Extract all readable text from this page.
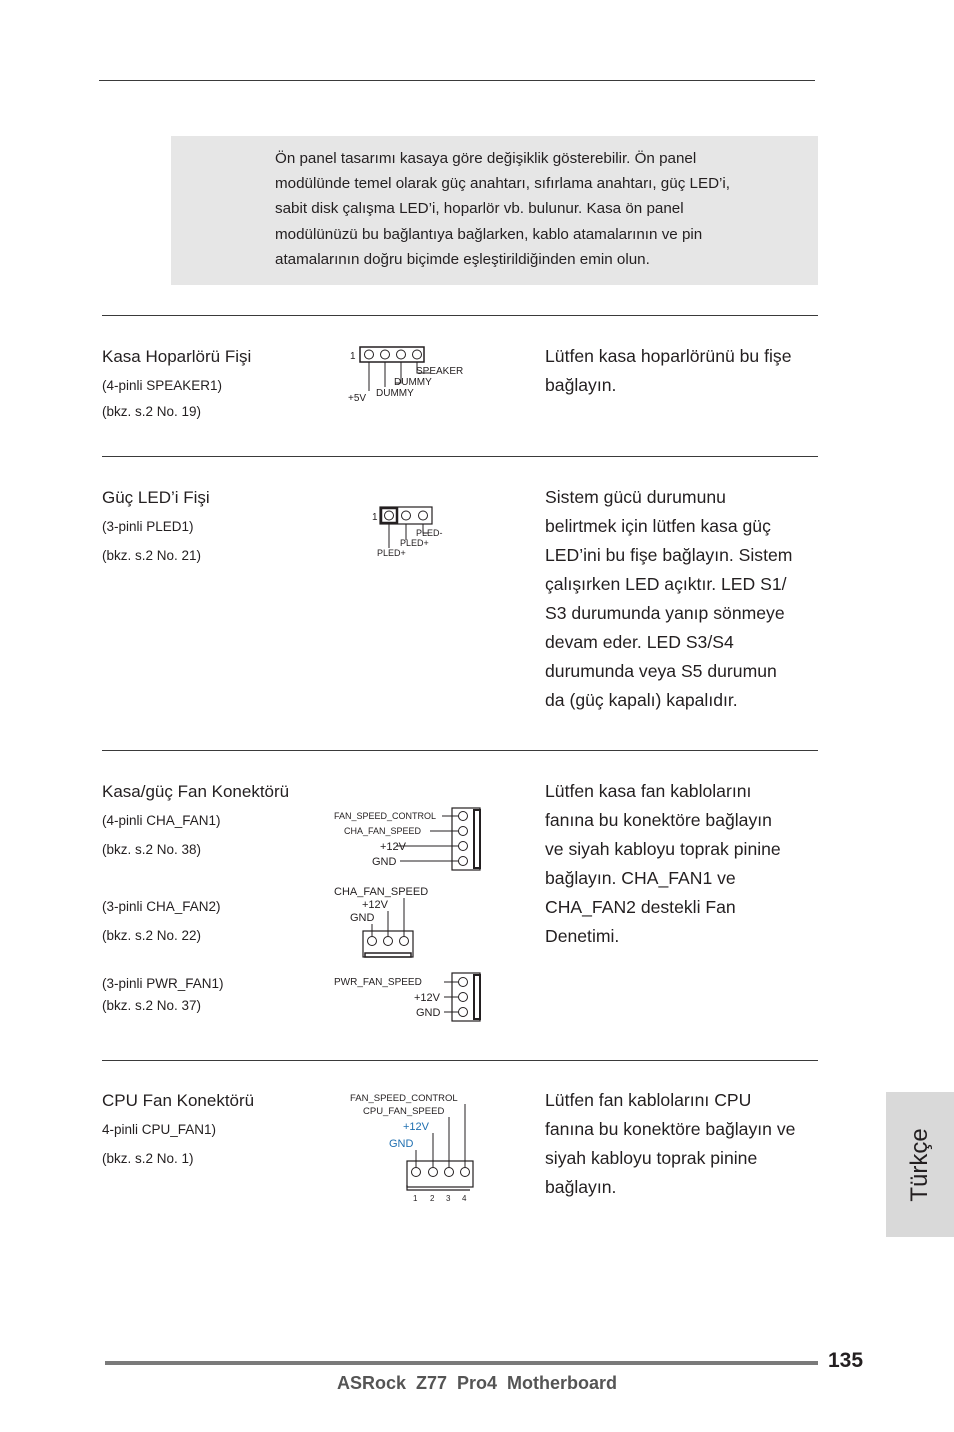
Ön panel tasarımı kasaya göre değişiklik gösterebilir. Ön panel
modülünde temel olarak güç anahtarı, sıfırlama anahtarı, güç LED’i,
sabit disk çalışma LED’i, hoparlör vb. bulunur. Kasa ön panel
modülünüzü bu bağlantıya bağlarken, kablo atamalarının ve pin
atamalarının doğru biçimde eşleştirildiğinden emin olun.
Kasa Hoparlörü Fişi
(4-pinli SPEAKER1)
(bkz. s.2 No. 19)
1
SPEAKER
DUMMY
+5V DUMMY
Lütfen kasa hoparlörünü bu fişe
bağlayın.
Güç LED’i Fişi
(3-pinli PLED1)
(bkz. s.2 No. 21)
1
PLED-
PLED+
PLED+
Sistem gücü durumunu
belirtmek için lütfen kasa güç
LED’ini bu fişe bağlayın. Sistem
çalışırken LED açıktır. LED S1/
S3 durumunda yanıp sönmeye
devam eder. LED S3/S4
durumunda veya S5 durumun
da (güç kapalı) kapalıdır.
Kasa/güç Fan Konektörü
(4-pinli CHA_FAN1)
(bkz. s.2 No. 38)
(3-pinli CHA_FAN2)
(bkz. s.2 No. 22)
(3-pinli PWR_FAN1)
(bkz. s.2 No. 37)
FAN_SPEED_CONTROL
CHA_FAN_SPEED
+12V
GND
CHA_FAN_SPEED
+12V
GND
PWR_FAN_SPEED
+12V
GND
Lütfen kasa fan kablolarını
fanına bu konektöre bağlayın
ve siyah kabloyu toprak pinine
bağlayın. CHA_FAN1 ve
CHA_FAN2 destekli Fan
Denetimi.
CPU Fan Konektörü
4-pinli CPU_FAN1)
(bkz. s.2 No. 1)
FAN_SPEED_CONTROL
CPU_FAN_SPEED
+12V
GND
1 2 3 4
Lütfen fan kablolarını CPU
fanına bu konektöre bağlayın ve
siyah kabloyu toprak pinine
bağlayın.	Türkçe
135
ASRock  Z77  Pro4  Motherboard
